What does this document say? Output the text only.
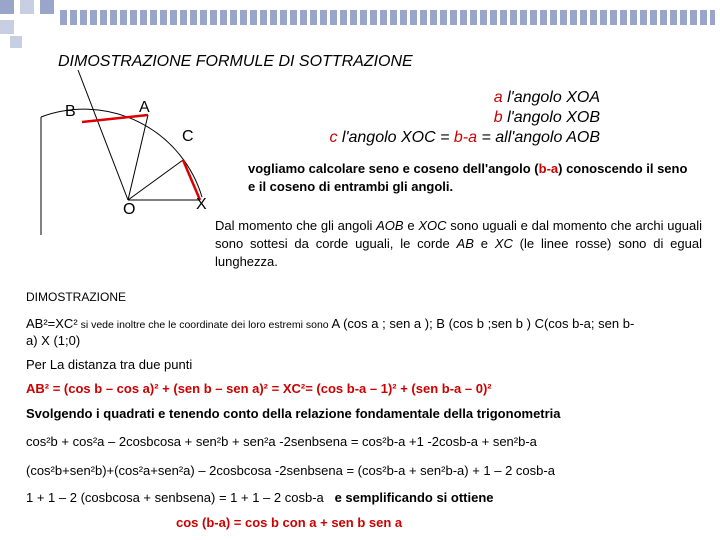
DIMOSTRAZIONE FORMULE DI SOTTRAZIONE
B	A
C
X
O
a l'angolo XOA
b l'angolo XOB
c l'angolo XOC = b-a = all'angolo AOB
vogliamo calcolare seno e coseno dell'angolo (b-a) conoscendo il seno e il coseno di entrambi gli angoli.
Dal momento che gli angoli AOB e XOC sono uguali e dal momento che archi uguali sono sottesi da corde uguali, le corde AB e XC (le linee rosse) sono di egual lunghezza.
DIMOSTRAZIONE
AB²=XC² si vede inoltre che le coordinate dei loro estremi sono A (cos a ; sen a ); B (cos b ;sen b ) C(cos b-a; sen b-
a) X (1;0)
Per La distanza tra due punti
AB² = (cos b – cos a)² + (sen b – sen a)² = XC²= (cos b-a – 1)² + (sen b-a – 0)²
Svolgendo i quadrati e tenendo conto della relazione fondamentale della trigonometria
cos²b + cos²a – 2cosbcosa + sen²b + sen²a -2senbsena = cos²b-a +1 -2cosb-a + sen²b-a
(cos²b+sen²b)+(cos²a+sen²a) – 2cosbcosa -2senbsena = (cos²b-a + sen²b-a) + 1 – 2 cosb-a
1 + 1 – 2 (cosbcosa + senbsena) = 1 + 1 – 2 cosb-a e semplificando si ottiene
cos (b-a) = cos b con a + sen b sen a
